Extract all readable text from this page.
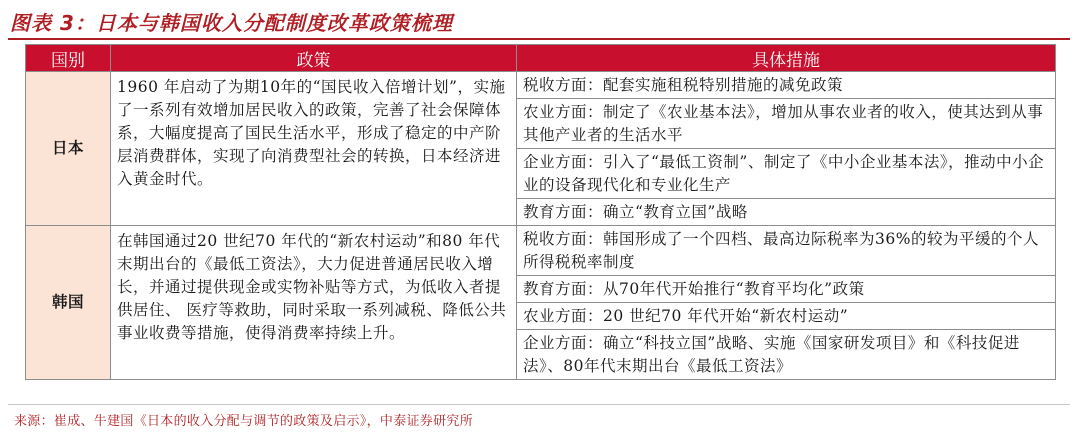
图表 3：日本与韩国收入分配制度改革政策梳理
国别	政策	具体措施
日本	1960 年启动了为期10年的“国民收入倍增计划”，实施了一系列有效增加居民收入的政策，完善了社会保障体系，大幅度提高了国民生活水平，形成了稳定的中产阶层消费群体，实现了向消费型社会的转换，日本经济进入黄金时代。	税收方面：配套实施租税特别措施的减免政策
		农业方面：制定了《农业基本法》，增加从事农业者的收入，使其达到从事其他产业者的生活水平
		企业方面：引入了“最低工资制”、制定了《中小企业基本法》，推动中小企业的设备现代化和专业化生产
		教育方面：确立“教育立国”战略
韩国	在韩国通过20 世纪70 年代的“新农村运动”和80 年代末期出台的《最低工资法》，大力促进普通居民收入增长，并通过提供现金或实物补贴等方式，为低收入者提供居住、 医疗等救助，同时采取一系列减税、降低公共事业收费等措施，使得消费率持续上升。	税收方面：韩国形成了一个四档、最高边际税率为36%的较为平缓的个人所得税税率制度
		教育方面：从70年代开始推行“教育平均化”政策
		农业方面：20 世纪70 年代开始“新农村运动”
		企业方面：确立“科技立国”战略、实施《国家研发项目》和《科技促进法》、80年代末期出台《最低工资法》
来源：崔成、牛建国《日本的收入分配与调节的政策及启示》，中泰证券研究所
